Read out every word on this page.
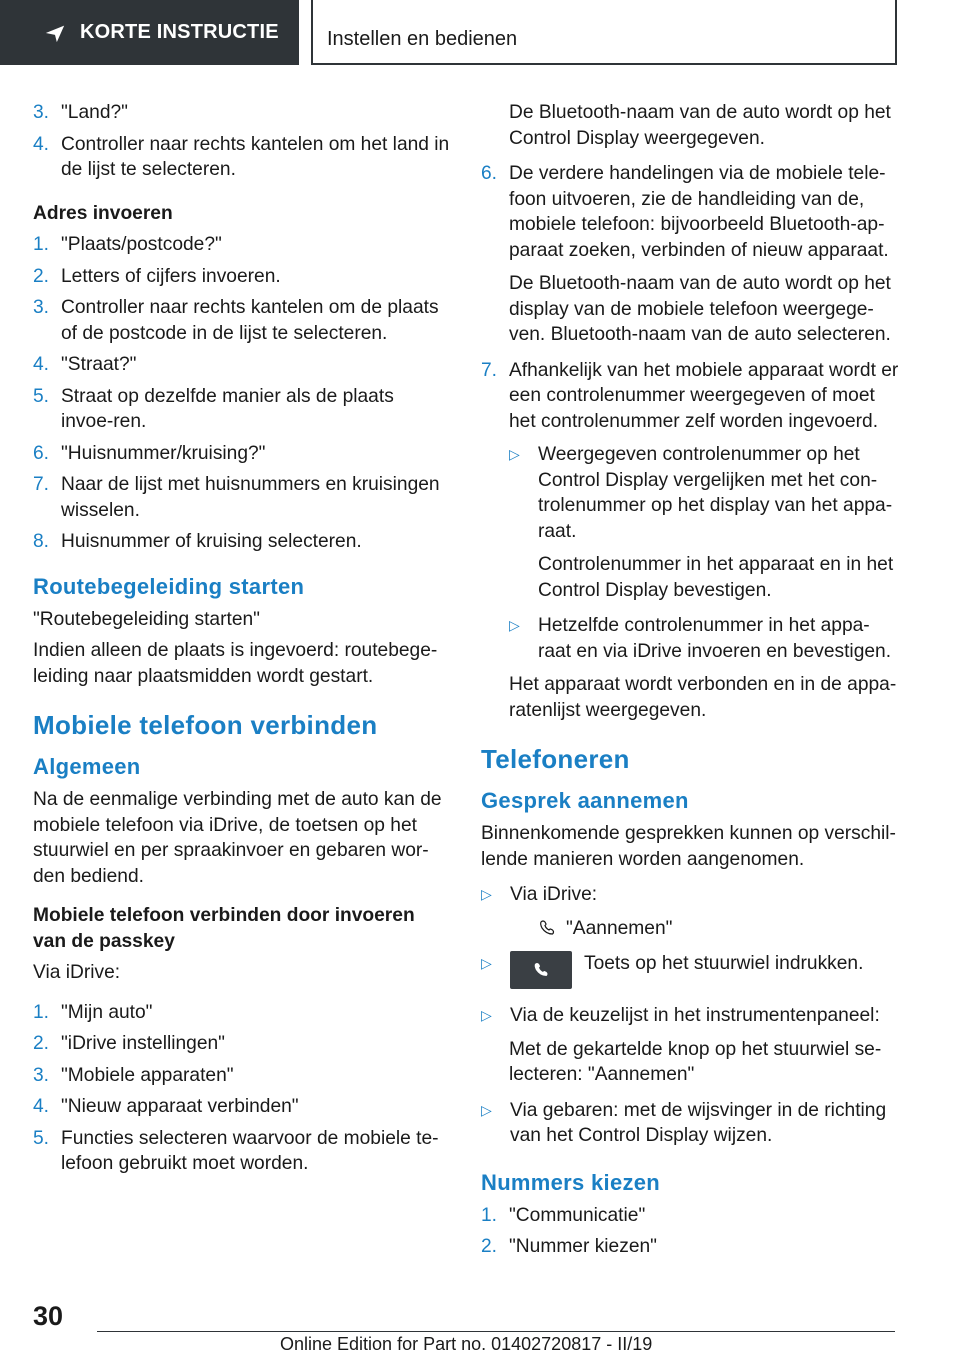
KORTE INSTRUCTIE Instellen en bedienen
3. "Land?"
4. Controller naar rechts kantelen om het land in de lijst te selecteren.
Adres invoeren
1. "Plaats/postcode?"
2. Letters of cijfers invoeren.
3. Controller naar rechts kantelen om de plaats of de postcode in de lijst te selecteren.
4. "Straat?"
5. Straat op dezelfde manier als de plaats invoe-ren.
6. "Huisnummer/kruising?"
7. Naar de lijst met huisnummers en kruisingen wisselen.
8. Huisnummer of kruising selecteren.
Routebegeleiding starten

"Routebegeleiding starten"

Indien alleen de plaats is ingevoerd: routebege-leiding naar plaatsmidden wordt gestart.

Mobiele telefoon verbinden
Algemeen

Na de eenmalige verbinding met de auto kan de mobiele telefoon via iDrive, de toetsen op het stuurwiel en per spraakinvoer en gebaren wor-den bediend.

Mobiele telefoon verbinden door invoeren van de passkey

Via iDrive:

1. "Mijn auto"
2. "iDrive instellingen"
3. "Mobiele apparaten"
4. "Nieuw apparaat verbinden"
5. Functies selecteren waarvoor de mobiele te-lefoon gebruikt moet worden.

De Bluetooth-naam van de auto wordt op het Control Display weergegeven.

6. De verdere handelingen via de mobiele tele-foon uitvoeren, zie de handleiding van de, mobiele telefoon: bijvoorbeeld Bluetooth-ap-paraat zoeken, verbinden of nieuw apparaat.

De Bluetooth-naam van de auto wordt op het display van de mobiele telefoon weergege-ven. Bluetooth-naam van de auto selecteren.

7. Afhankelijk van het mobiele apparaat wordt er een controlenummer weergegeven of moet het controlenummer zelf worden ingevoerd.
▷ Weergegeven controlenummer op het Control Display vergelijken met het con-trolenummer op het display van het appa-raat.

Controlenummer in het apparaat en in het Control Display bevestigen.

▷ Hetzelfde controlenummer in het appa-raat en via iDrive invoeren en bevestigen.

Het apparaat wordt verbonden en in de appa-ratenlijst weergegeven.

Telefoneren
Gesprek aannemen

Binnenkomende gesprekken kunnen op verschil-lende manieren worden aangenomen.

▷ Via iDrive:

"Aannemen"

▷	Toets op het stuurwiel indrukken.
▷ Via de keuzelijst in het instrumentenpaneel:

Met de gekartelde knop op het stuurwiel se-lecteren: "Aannemen"

▷ Via gebaren: met de wijsvinger in de richting van het Control Display wijzen.
Nummers kiezen
1. "Communicatie"
2. "Nummer kiezen"
30
Online Edition for Part no. 01402720817 - II/19
